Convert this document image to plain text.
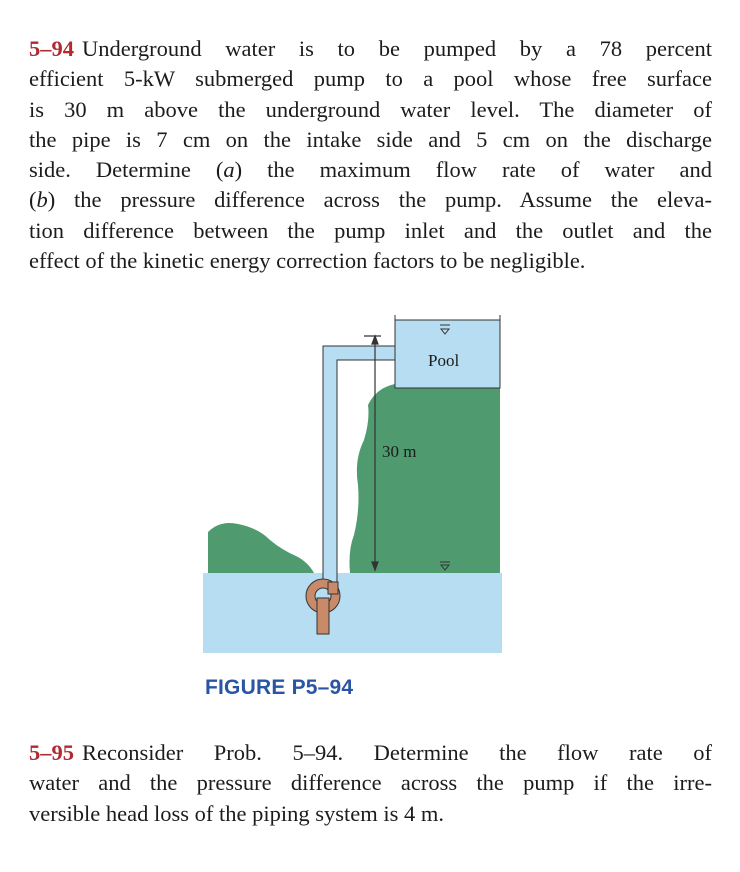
5–94 Underground water is to be pumped by a 78 percent
efficient 5-kW submerged pump to a pool whose free surface
is 30 m above the underground water level. The diameter of
the pipe is 7 cm on the intake side and 5 cm on the discharge
side. Determine (a) the maximum flow rate of water and
(b) the pressure difference across the pump. Assume the eleva-
tion difference between the pump inlet and the outlet and the
effect of the kinetic energy correction factors to be negligible.
Pool
30 m
FIGURE P5–94
5–95 Reconsider Prob. 5–94. Determine the flow rate of
water and the pressure difference across the pump if the irre-
versible head loss of the piping system is 4 m.
